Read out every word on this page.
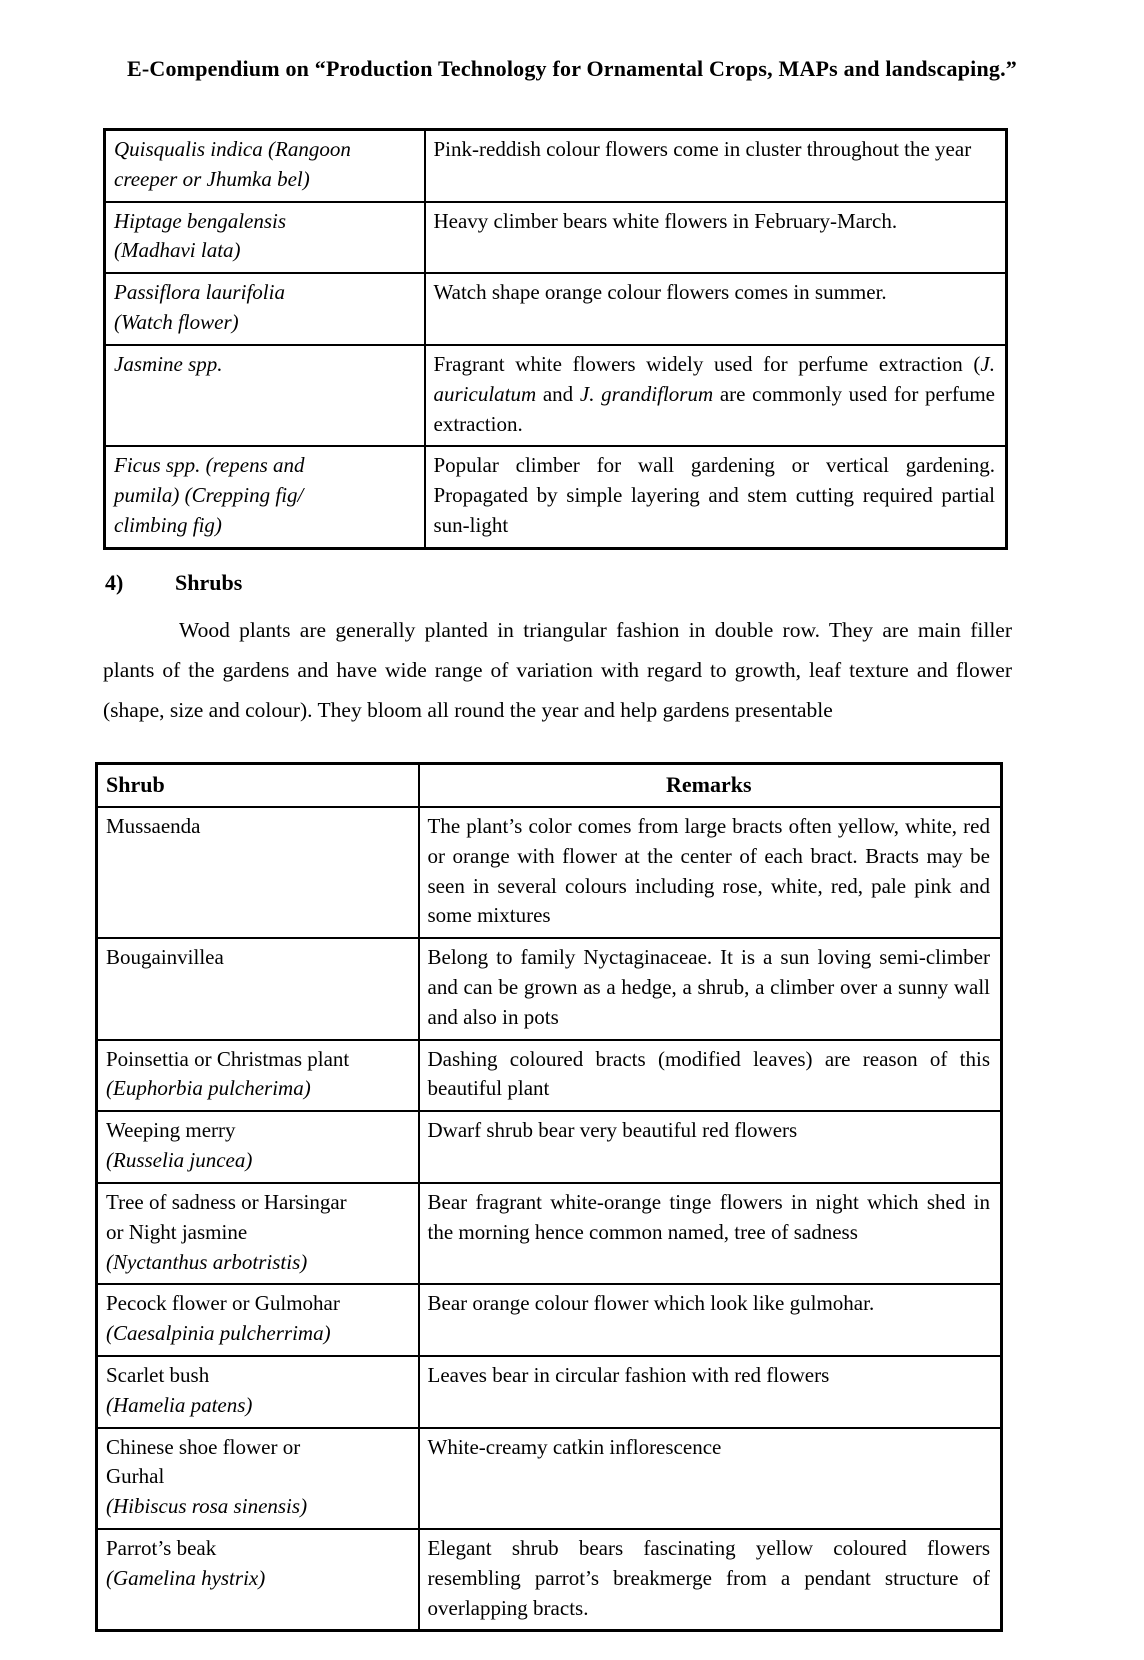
E-Compendium on “Production Technology for Ornamental Crops, MAPs and landscaping.”
Quisqualis indica (Rangoon
creeper or Jhumka bel)	Pink-reddish colour flowers come in cluster throughout the year
Hiptage bengalensis
(Madhavi lata)	Heavy climber bears white flowers in February-March.
Passiflora laurifolia
(Watch flower)	Watch shape orange colour flowers comes in summer.
Jasmine spp.	Fragrant white flowers widely used for perfume extraction (J. auriculatum and J. grandiflorum are commonly used for perfume extraction.
Ficus spp. (repens and
pumila) (Crepping fig/
climbing fig)	Popular climber for wall gardening or vertical gardening. Propagated by simple layering and stem cutting required partial sun-light
4) Shrubs

Wood plants are generally planted in triangular fashion in double row. They are main filler plants of the gardens and have wide range of variation with regard to growth, leaf texture and flower (shape, size and colour). They bloom all round the year and help gardens presentable

Shrub	Remarks
Mussaenda	The plant’s color comes from large bracts often yellow, white, red or orange with flower at the center of each bract. Bracts may be seen in several colours including rose, white, red, pale pink and some mixtures
Bougainvillea	Belong to family Nyctaginaceae. It is a sun loving semi-climber and can be grown as a hedge, a shrub, a climber over a sunny wall and also in pots
Poinsettia or Christmas plant
(Euphorbia pulcherima)	Dashing coloured bracts (modified leaves) are reason of this beautiful plant
Weeping merry
(Russelia juncea)	Dwarf shrub bear very beautiful red flowers
Tree of sadness or Harsingar
or Night jasmine
(Nyctanthus arbotristis)	Bear fragrant white-orange tinge flowers in night which shed in the morning hence common named, tree of sadness
Pecock flower or Gulmohar
(Caesalpinia pulcherrima)	Bear orange colour flower which look like gulmohar.
Scarlet bush
(Hamelia patens)	Leaves bear in circular fashion with red flowers
Chinese shoe flower or
Gurhal
(Hibiscus rosa sinensis)	White-creamy catkin inflorescence
Parrot’s beak
(Gamelina hystrix)	Elegant shrub bears fascinating yellow coloured flowers resembling parrot’s breakmerge from a pendant structure of overlapping bracts.
